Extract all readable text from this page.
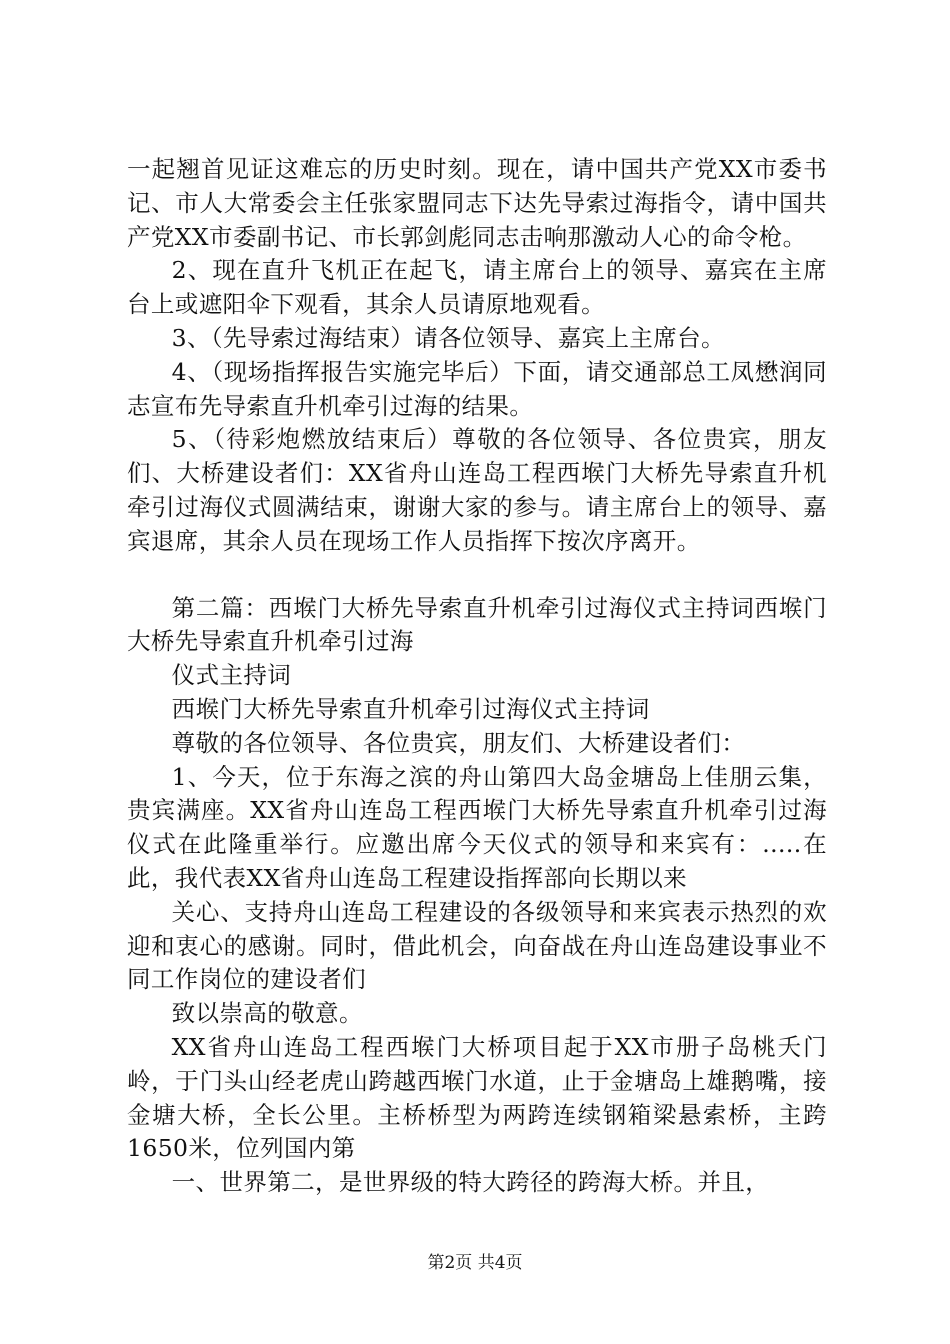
一起翘首见证这难忘的历史时刻。现在，请中国共产党XX市委书记、市人大常委会主任张家盟同志下达先导索过海指令，请中国共产党XX市委副书记、市长郭剑彪同志击响那激动人心的命令枪。

2、现在直升飞机正在起飞，请主席台上的领导、嘉宾在主席台上或遮阳伞下观看，其余人员请原地观看。

3、（先导索过海结束）请各位领导、嘉宾上主席台。

4、（现场指挥报告实施完毕后）下面，请交通部总工凤懋润同志宣布先导索直升机牵引过海的结果。

5、（待彩炮燃放结束后）尊敬的各位领导、各位贵宾，朋友们、大桥建设者们：XX省舟山连岛工程西堠门大桥先导索直升机牵引过海仪式圆满结束，谢谢大家的参与。请主席台上的领导、嘉宾退席，其余人员在现场工作人员指挥下按次序离开。

第二篇：西堠门大桥先导索直升机牵引过海仪式主持词西堠门大桥先导索直升机牵引过海

仪式主持词

西堠门大桥先导索直升机牵引过海仪式主持词

尊敬的各位领导、各位贵宾，朋友们、大桥建设者们：

1、今天，位于东海之滨的舟山第四大岛金塘岛上佳朋云集，贵宾满座。XX省舟山连岛工程西堠门大桥先导索直升机牵引过海仪式在此隆重举行。应邀出席今天仪式的领导和来宾有：.....在此，我代表XX省舟山连岛工程建设指挥部向长期以来

关心、支持舟山连岛工程建设的各级领导和来宾表示热烈的欢迎和衷心的感谢。同时，借此机会，向奋战在舟山连岛建设事业不同工作岗位的建设者们

致以崇高的敬意。

XX省舟山连岛工程西堠门大桥项目起于XX市册子岛桃夭门岭，于门头山经老虎山跨越西堠门水道，止于金塘岛上雄鹅嘴，接金塘大桥，全长公里。主桥桥型为两跨连续钢箱梁悬索桥，主跨1650米，位列国内第

一、世界第二，是世界级的特大跨径的跨海大桥。并且，

第2页 共4页
